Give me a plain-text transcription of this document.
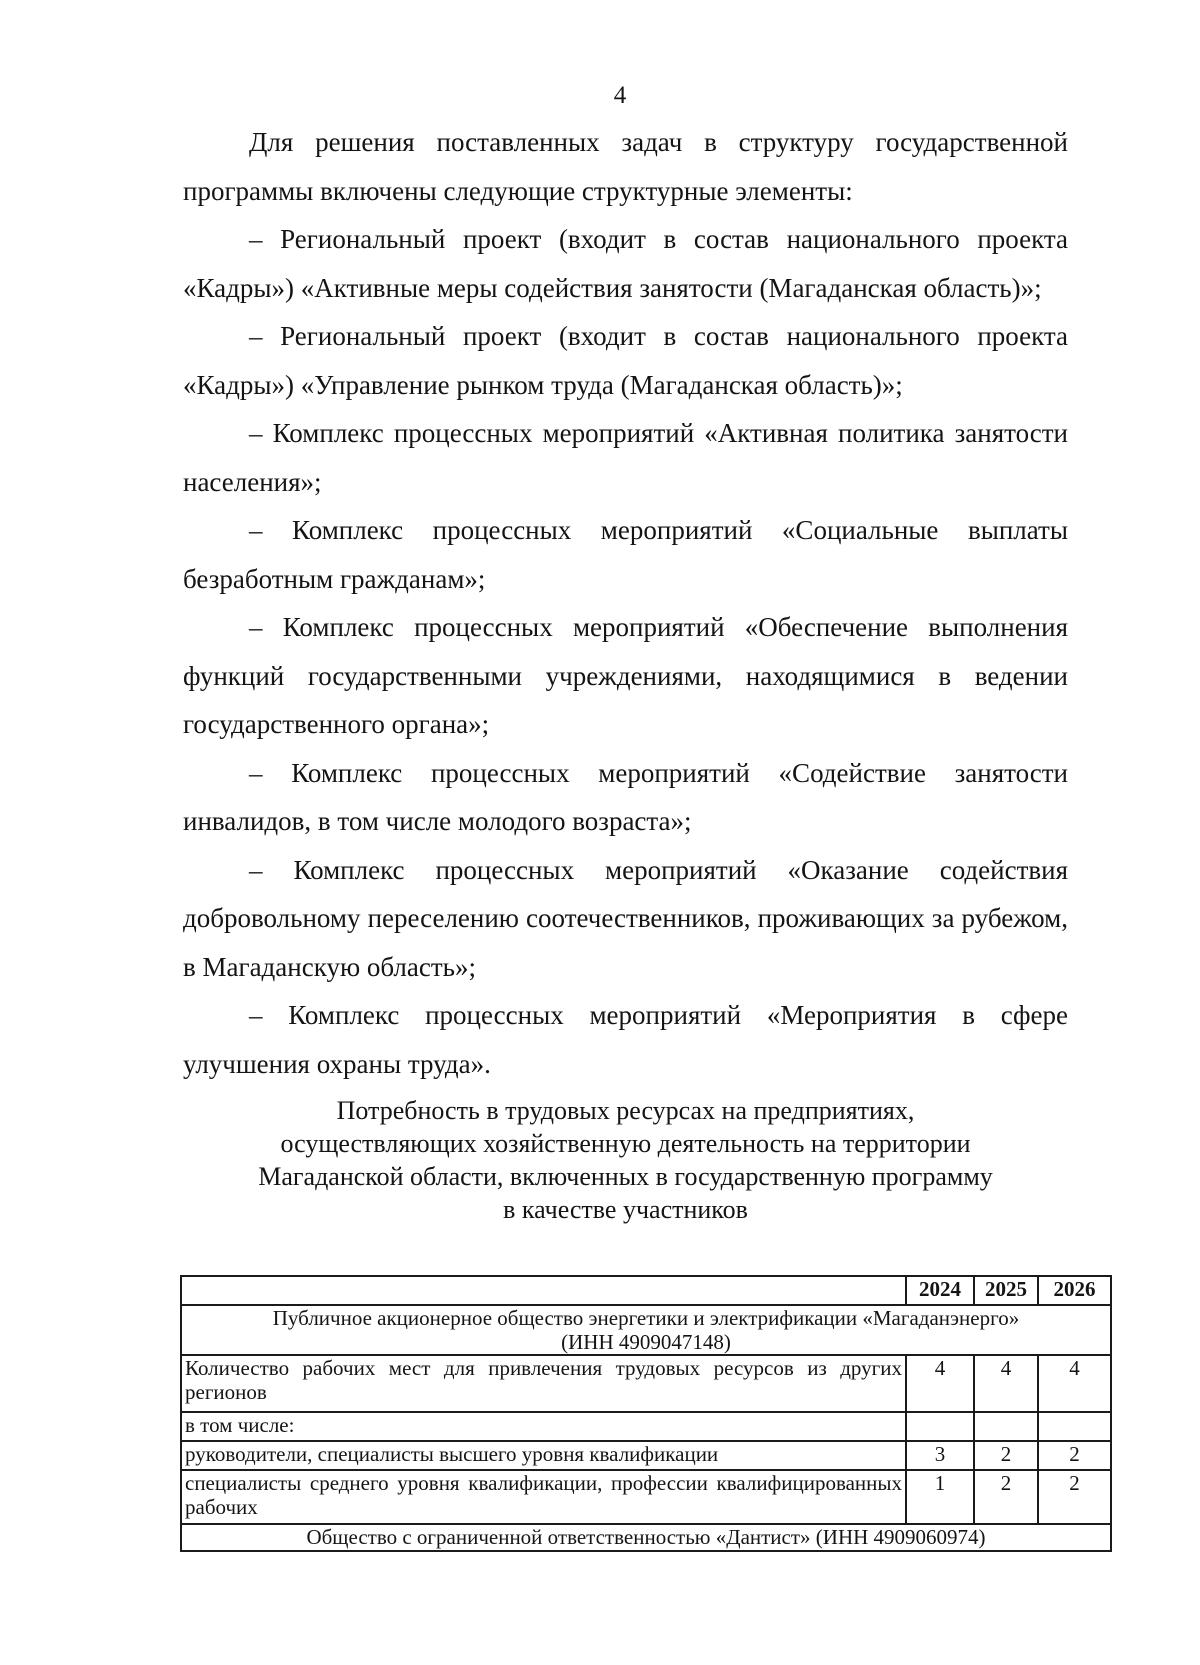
4

Для решения поставленных задач в структуру государственной программы включены следующие структурные элементы:

– Региональный проект (входит в состав национального проекта «Кадры») «Активные меры содействия занятости (Магаданская область)»;

– Региональный проект (входит в состав национального проекта «Кадры») «Управление рынком труда (Магаданская область)»;

– Комплекс процессных мероприятий «Активная политика занятости населения»;

– Комплекс процессных мероприятий «Социальные выплаты безработным гражданам»;

– Комплекс процессных мероприятий «Обеспечение выполнения функций государственными учреждениями, находящимися в ведении государственного органа»;

– Комплекс процессных мероприятий «Содействие занятости инвалидов, в том числе молодого возраста»;

– Комплекс процессных мероприятий «Оказание содействия добровольному переселению соотечественников, проживающих за рубежом, в Магаданскую область»;

– Комплекс процессных мероприятий «Мероприятия в сфере улучшения охраны труда».

Потребность в трудовых ресурсах на предприятиях,
осуществляющих хозяйственную деятельность на территории
Магаданской области, включенных в государственную программу
в качестве участников
	2024	2025	2026

Публичное акционерное общество энергетики и электрификации «Магаданэнерго»
(ИНН 4909047148)			

Количество рабочих мест для привлечения трудовых ресурсов из других регионов	4	4	4
в том числе:			
руководители, специалисты высшего уровня квалификации	3	2	2
специалисты среднего уровня квалификации, профессии квалифицированных рабочих	1	2	2
Общество с ограниченной ответственностью «Дантист» (ИНН 4909060974)			
